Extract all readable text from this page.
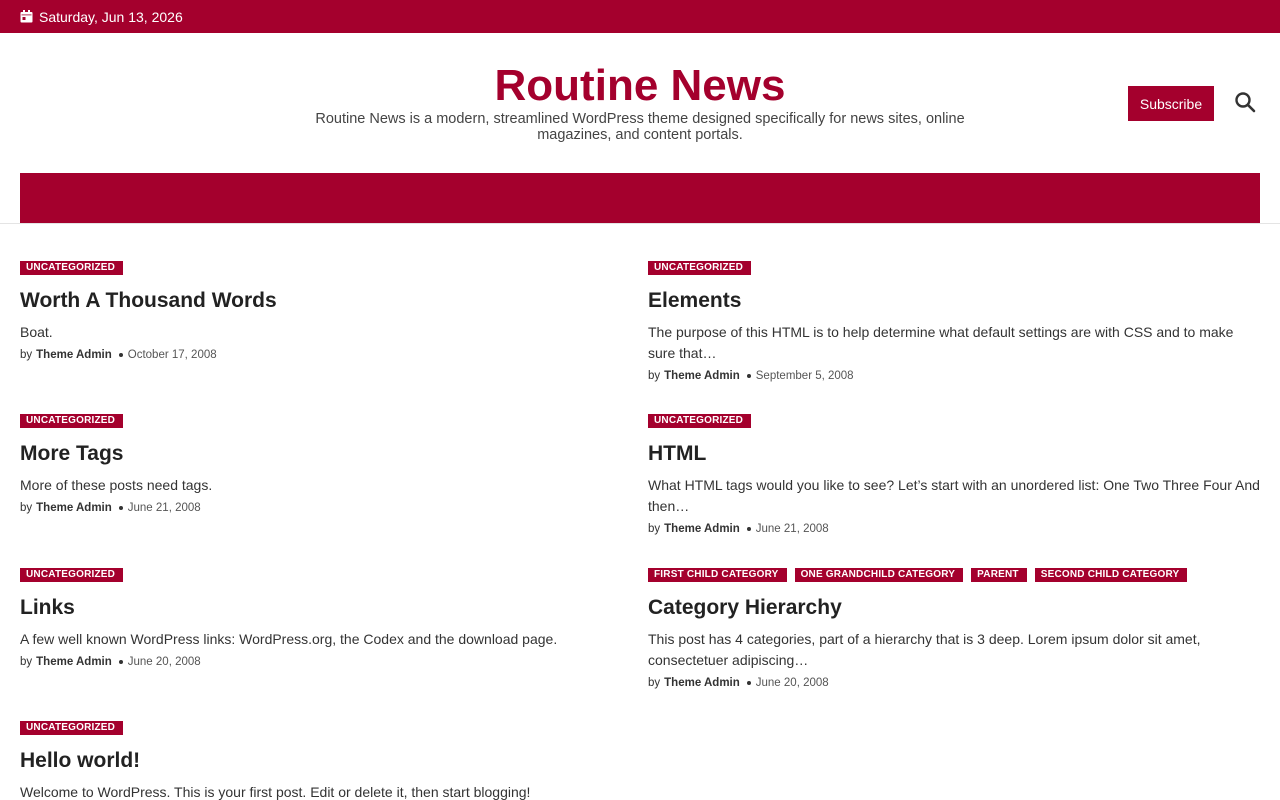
Saturday, Jun 13, 2026
Routine News
Routine News is a modern, streamlined WordPress theme designed specifically for news sites, online magazines, and content portals.
Subscribe
UNCATEGORIZED
Worth A Thousand Words
Boat.
by Theme Admin October 17, 2008
UNCATEGORIZED
Elements
The purpose of this HTML is to help determine what default settings are with CSS and to make sure that…
by Theme Admin September 5, 2008
UNCATEGORIZED
More Tags
More of these posts need tags.
by Theme Admin June 21, 2008
UNCATEGORIZED
HTML
What HTML tags would you like to see? Let’s start with an unordered list: One Two Three Four And then…
by Theme Admin June 21, 2008
UNCATEGORIZED
Links
A few well known WordPress links: WordPress.org, the Codex and the download page.
by Theme Admin June 20, 2008
FIRST CHILD CATEGORY	ONE GRANDCHILD CATEGORY	PARENT	SECOND CHILD CATEGORY
Category Hierarchy
This post has 4 categories, part of a hierarchy that is 3 deep. Lorem ipsum dolor sit amet, consectetuer adipiscing…
by Theme Admin June 20, 2008
UNCATEGORIZED
Hello world!
Welcome to WordPress. This is your first post. Edit or delete it, then start blogging!
